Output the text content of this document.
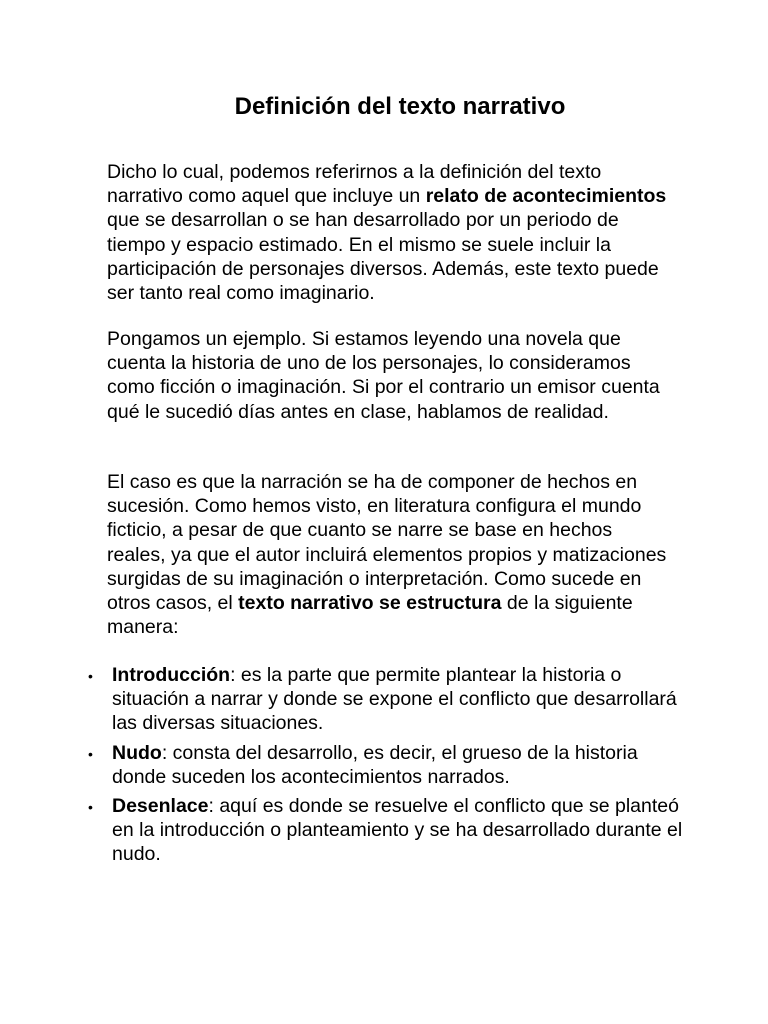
Definición del texto narrativo

Dicho lo cual, podemos referirnos a la definición del texto narrativo como aquel que incluye un relato de acontecimientos que se desarrollan o se han desarrollado por un periodo de tiempo y espacio estimado. En el mismo se suele incluir la participación de personajes diversos. Además, este texto puede ser tanto real como imaginario.

Pongamos un ejemplo. Si estamos leyendo una novela que cuenta la historia de uno de los personajes, lo consideramos como ficción o imaginación. Si por el contrario un emisor cuenta qué le sucedió días antes en clase, hablamos de realidad.

El caso es que la narración se ha de componer de hechos en sucesión. Como hemos visto, en literatura configura el mundo ficticio, a pesar de que cuanto se narre se base en hechos reales, ya que el autor incluirá elementos propios y matizaciones surgidas de su imaginación o interpretación. Como sucede en otros casos, el texto narrativo se estructura de la siguiente manera:

• Introducción: es la parte que permite plantear la historia o situación a narrar y donde se expone el conflicto que desarrollará las diversas situaciones.
• Nudo: consta del desarrollo, es decir, el grueso de la historia donde suceden los acontecimientos narrados.
• Desenlace: aquí es donde se resuelve el conflicto que se planteó en la introducción o planteamiento y se ha desarrollado durante el nudo.
